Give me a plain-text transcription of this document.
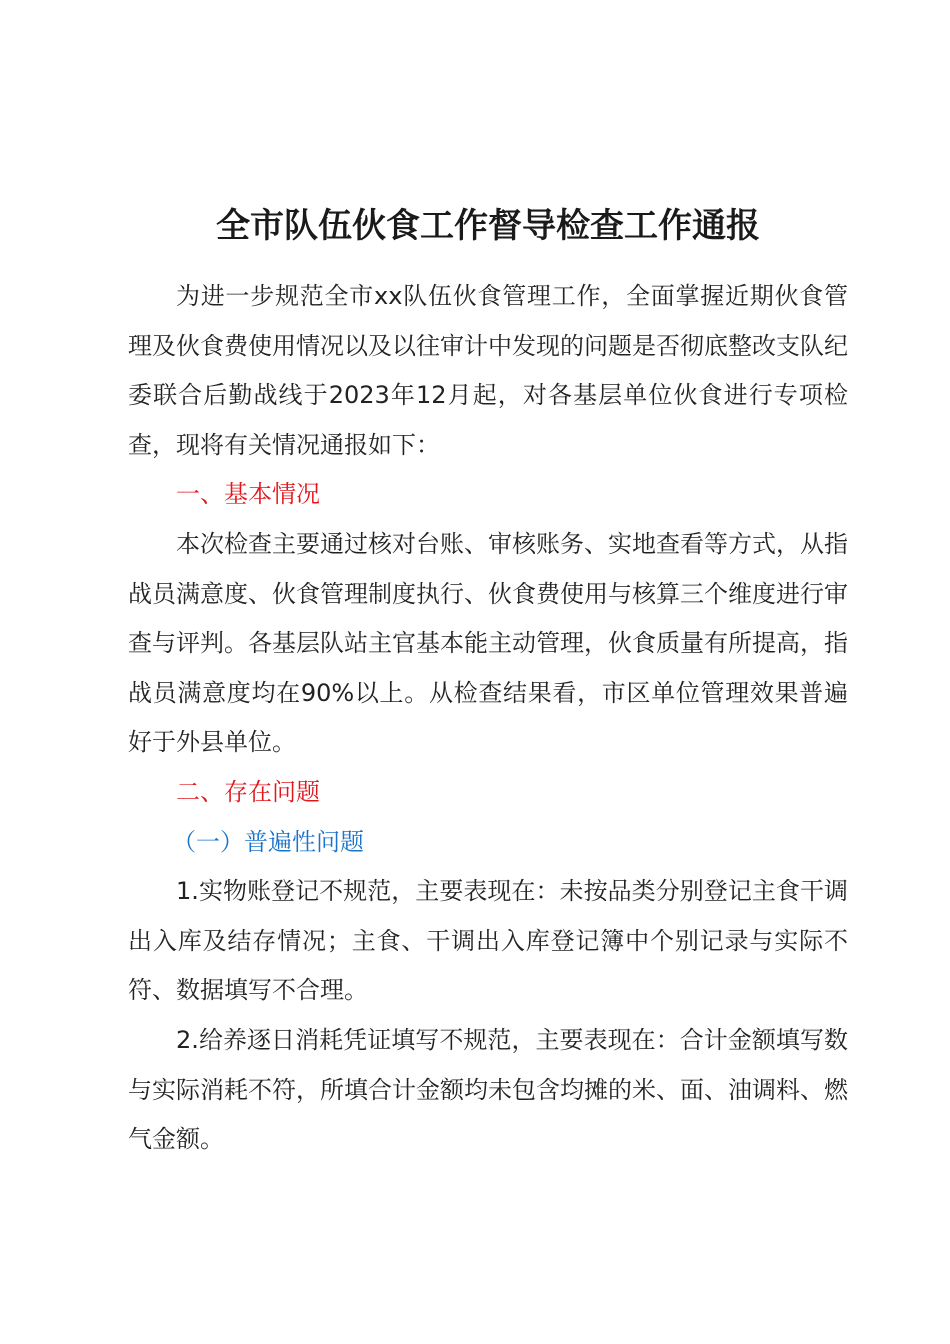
全市队伍伙食工作督导检查工作通报

为进一步规范全市xx队伍伙食管理工作，全面掌握近期伙食管理及伙食费使用情况以及以往审计中发现的问题是否彻底整改支队纪委联合后勤战线于2023年12月起，对各基层单位伙食进行专项检查，现将有关情况通报如下：

一、基本情况

本次检查主要通过核对台账、审核账务、实地查看等方式，从指战员满意度、伙食管理制度执行、伙食费使用与核算三个维度进行审查与评判。各基层队站主官基本能主动管理，伙食质量有所提高，指战员满意度均在90%以上。从检查结果看，市区单位管理效果普遍好于外县单位。

二、存在问题

（一）普遍性问题

1.实物账登记不规范，主要表现在：未按品类分别登记主食干调出入库及结存情况；主食、干调出入库登记簿中个别记录与实际不符、数据填写不合理。

2.给养逐日消耗凭证填写不规范，主要表现在：合计金额填写数与实际消耗不符，所填合计金额均未包含均摊的米、面、油调料、燃气金额。
